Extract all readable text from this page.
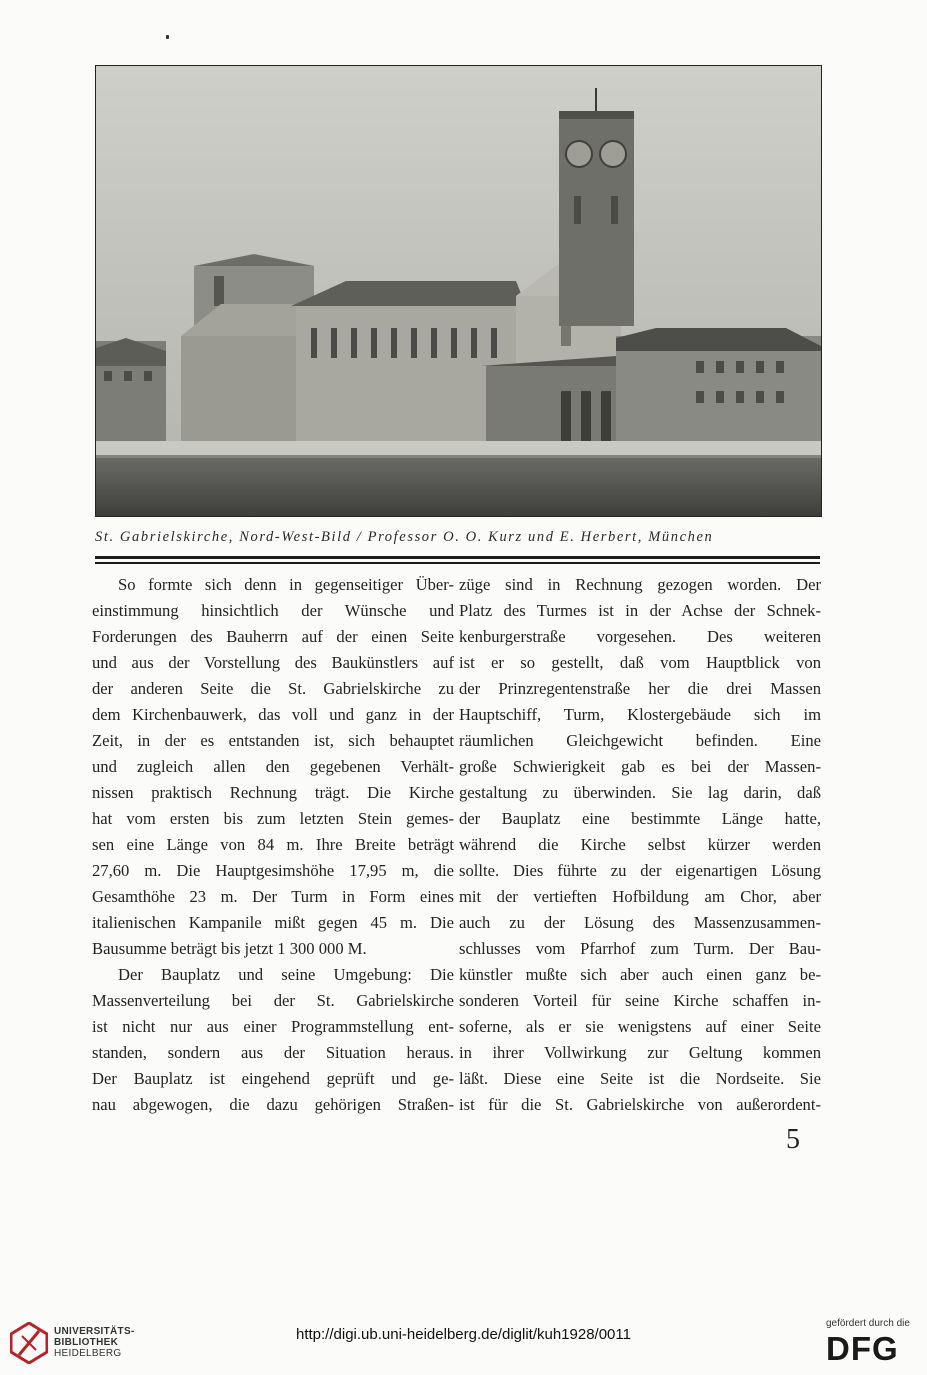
St. Gabrielskirche, Nord-West-Bild / Professor O. O. Kurz und E. Herbert, München
So formte sich denn in gegenseitiger Über-
einstimmung hinsichtlich der Wünsche und
Forderungen des Bauherrn auf der einen Seite
und aus der Vorstellung des Baukünstlers auf
der anderen Seite die St. Gabrielskirche zu
dem Kirchenbauwerk, das voll und ganz in der
Zeit, in der es entstanden ist, sich behauptet
und zugleich allen den gegebenen Verhält-
nissen praktisch Rechnung trägt. Die Kirche
hat vom ersten bis zum letzten Stein gemes-
sen eine Länge von 84 m. Ihre Breite beträgt
27,60 m. Die Hauptgesimshöhe 17,95 m, die
Gesamthöhe 23 m. Der Turm in Form eines
italienischen Kampanile mißt gegen 45 m. Die
Bausumme beträgt bis jetzt 1 300 000 M.
Der Bauplatz und seine Umgebung: Die
Massenverteilung bei der St. Gabrielskirche
ist nicht nur aus einer Programmstellung ent-
standen, sondern aus der Situation heraus.
Der Bauplatz ist eingehend geprüft und ge-
nau abgewogen, die dazu gehörigen Straßen-
züge sind in Rechnung gezogen worden. Der
Platz des Turmes ist in der Achse der Schnek-
kenburgerstraße vorgesehen. Des weiteren
ist er so gestellt, daß vom Hauptblick von
der Prinzregentenstraße her die drei Massen
Hauptschiff, Turm, Klostergebäude sich im
räumlichen Gleichgewicht befinden. Eine
große Schwierigkeit gab es bei der Massen-
gestaltung zu überwinden. Sie lag darin, daß
der Bauplatz eine bestimmte Länge hatte,
während die Kirche selbst kürzer werden
sollte. Dies führte zu der eigenartigen Lösung
mit der vertieften Hofbildung am Chor, aber
auch zu der Lösung des Massenzusammen-
schlusses vom Pfarrhof zum Turm. Der Bau-
künstler mußte sich aber auch einen ganz be-
sonderen Vorteil für seine Kirche schaffen in-
soferne, als er sie wenigstens auf einer Seite
in ihrer Vollwirkung zur Geltung kommen
läßt. Diese eine Seite ist die Nordseite. Sie
ist für die St. Gabrielskirche von außerordent-
5
UNIVERSITÄTS-
BIBLIOTHEK
HEIDELBERG
http://digi.ub.uni-heidelberg.de/diglit/kuh1928/0011
gefördert durch die
DFG
